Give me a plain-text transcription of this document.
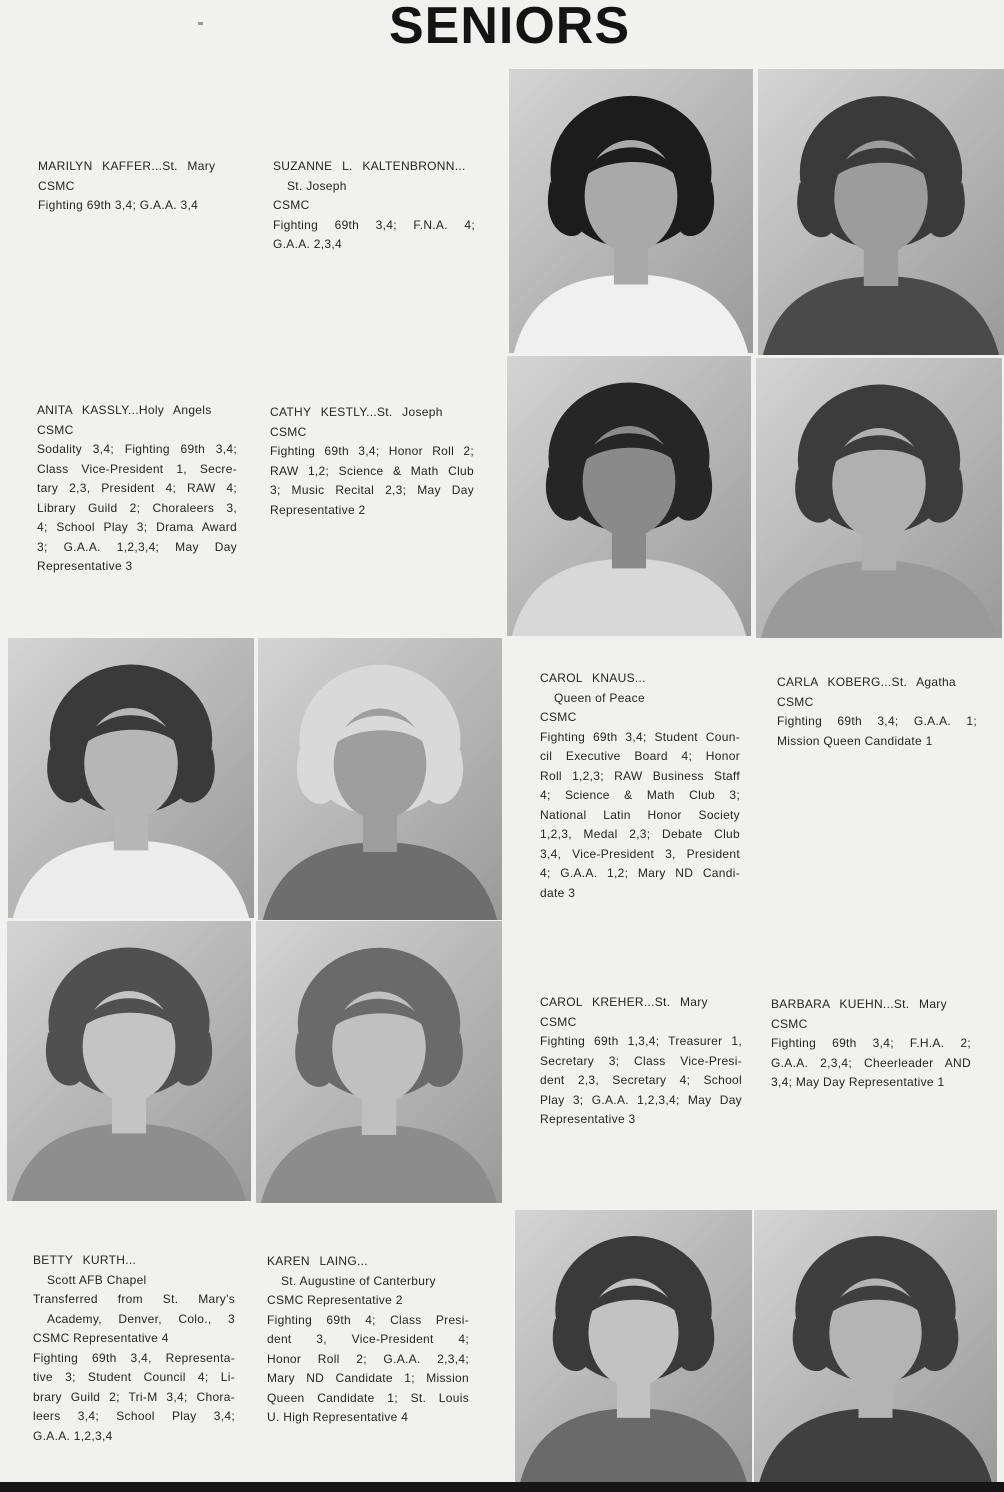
SENIORS
MARILYN KAFFER...St. Mary
CSMC
Fighting 69th 3,4; G.A.A. 3,4
SUZANNE L. KALTENBRONN...
St. Joseph
CSMC
Fighting 69th 3,4; F.N.A. 4;
G.A.A. 2,3,4
ANITA KASSLY...Holy Angels
CSMC
Sodality 3,4; Fighting 69th 3,4;
Class Vice-President 1, Secre-
tary 2,3, President 4; RAW 4;
Library Guild 2; Choraleers 3,
4; School Play 3; Drama Award
3; G.A.A. 1,2,3,4; May Day
Representative 3
CATHY KESTLY...St. Joseph
CSMC
Fighting 69th 3,4; Honor Roll 2;
RAW 1,2; Science & Math Club
3; Music Recital 2,3; May Day
Representative 2
CAROL KNAUS...
Queen of Peace
CSMC
Fighting 69th 3,4; Student Coun-
cil Executive Board 4; Honor
Roll 1,2,3; RAW Business Staff
4; Science & Math Club 3;
National Latin Honor Society
1,2,3, Medal 2,3; Debate Club
3,4, Vice-President 3, President
4; G.A.A. 1,2; Mary ND Candi-
date 3
CARLA KOBERG...St. Agatha
CSMC
Fighting 69th 3,4; G.A.A. 1;
Mission Queen Candidate 1
CAROL KREHER...St. Mary
CSMC
Fighting 69th 1,3,4; Treasurer 1,
Secretary 3; Class Vice-Presi-
dent 2,3, Secretary 4; School
Play 3; G.A.A. 1,2,3,4; May Day
Representative 3
BARBARA KUEHN...St. Mary
CSMC
Fighting 69th 3,4; F.H.A. 2;
G.A.A. 2,3,4; Cheerleader AND
3,4; May Day Representative 1
BETTY KURTH...
Scott AFB Chapel
Transferred from St. Mary's
Academy, Denver, Colo., 3
CSMC Representative 4
Fighting 69th 3,4, Representa-
tive 3; Student Council 4; Li-
brary Guild 2; Tri-M 3,4; Chora-
leers 3,4; School Play 3,4;
G.A.A. 1,2,3,4
KAREN LAING...
St. Augustine of Canterbury
CSMC Representative 2
Fighting 69th 4; Class Presi-
dent 3, Vice-President 4;
Honor Roll 2; G.A.A. 2,3,4;
Mary ND Candidate 1; Mission
Queen Candidate 1; St. Louis
U. High Representative 4
